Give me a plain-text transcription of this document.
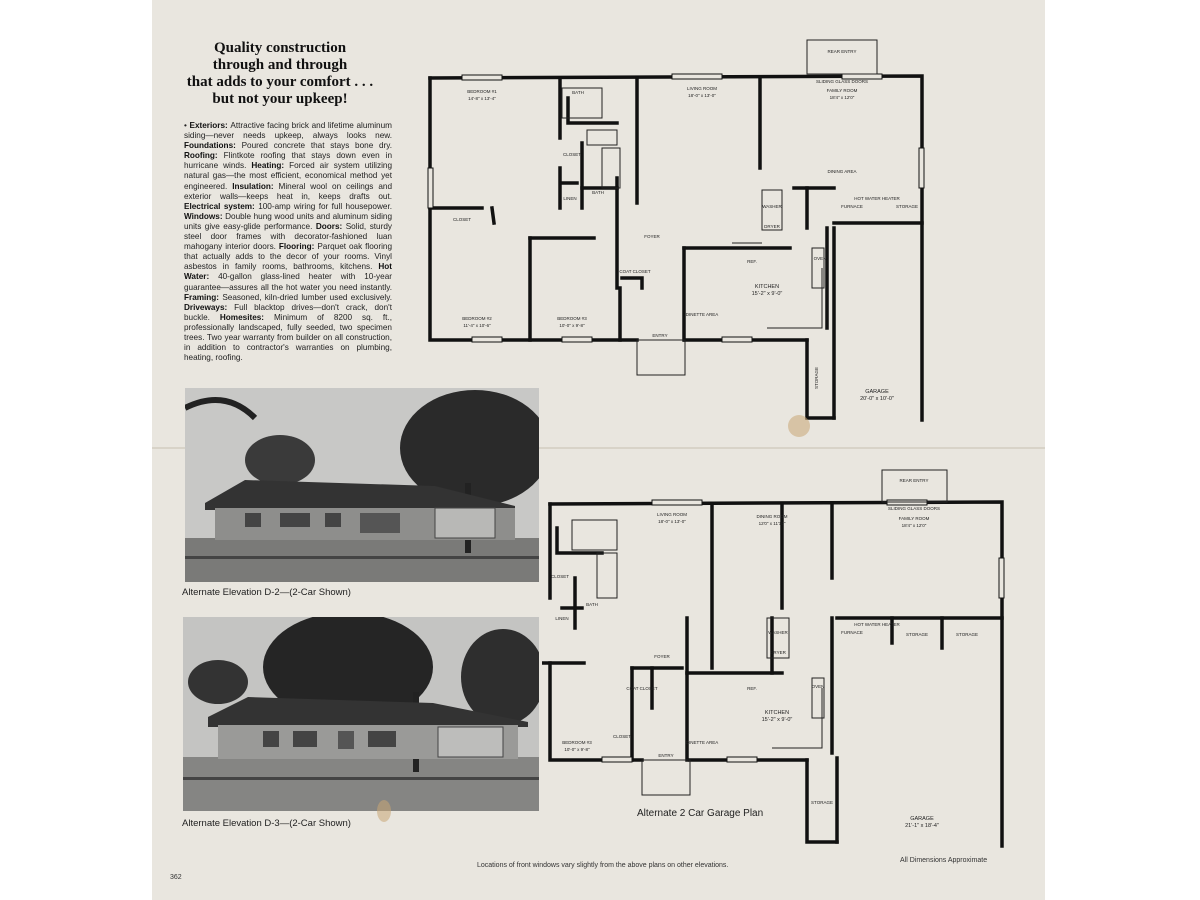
Quality construction
through and through
that adds to your comfort . . .
but not your upkeep!
• Exteriors: Attractive facing brick and lifetime aluminum siding—never needs upkeep, always looks new. Foundations: Poured concrete that stays bone dry. Roofing: Flintkote roofing that stays down even in hurricane winds. Heating: Forced air system utilizing natural gas—the most efficient, economical method yet engineered. Insulation: Mineral wool on ceilings and exterior walls—keeps heat in, keeps drafts out. Electrical system: 100-amp wiring for full housepower. Windows: Double hung wood units and aluminum siding units give easy-glide performance. Doors: Solid, sturdy steel door frames with decorator-fashioned luan mahogany interior doors. Flooring: Parquet oak flooring that actually adds to the decor of your rooms. Vinyl asbestos in family rooms, bathrooms, kitchens. Hot Water: 40-gallon glass-lined heater with 10-year guarantee—assures all the hot water you need instantly. Framing: Seasoned, kiln-dried lumber used exclusively. Driveways: Full blacktop drives—don't crack, don't buckle. Homesites: Minimum of 8200 sq. ft., professionally landscaped, fully seeded, two specimen trees. Two year warranty from builder on all construction, in addition to contractor's warranties on plumbing, heating, roofing.
BEDROOM #1
14'-8" x 13'-4"
BATH
CLOSET
BATH
LINEN
LIVING ROOM
18'-0" x 13'-0"
REAR ENTRY
SLIDING GLASS DOORS
FAMILY ROOM
18'4" x 12'0"
DINING AREA
FURNACE
HOT WATER HEATER
STORAGE
WASHER
DRYER
FOYER
COAT CLOSET
REF.
OVEN
KITCHEN
15'-2" x 9'-0"
DINETTE AREA
BEDROOM #2
11'-4" x 10'-6"
CLOSET
BEDROOM #3
10'-0" x 9'-8"
ENTRY
STORAGE
GARAGE
20'-0" x 10'-0"
Alternate Elevation D-2—(2-Car Shown)
Alternate Elevation D-3—(2-Car Shown)
LIVING ROOM
18'-0" x 13'-0"
DINING ROOM
12'0" x 11'10"
REAR ENTRY
SLIDING GLASS DOORS
FAMILY ROOM
18'4" x 12'0"
CLOSET
BATH
LINEN
WASHER
DRYER
FURNACE
HOT WATER HEATER
STORAGE	STORAGE
FOYER
COAT CLOSET	REF.	OVEN
KITCHEN
15'-2" x 9'-0"
BEDROOM #3
10'-0" x 9'-8"
CLOSET
ENTRY
DINETTE AREA
STORAGE
GARAGE
21'-1" x 18'-4"
Alternate 2 Car Garage Plan
Locations of front windows vary slightly from the above plans on other elevations.
All Dimensions Approximate
362
